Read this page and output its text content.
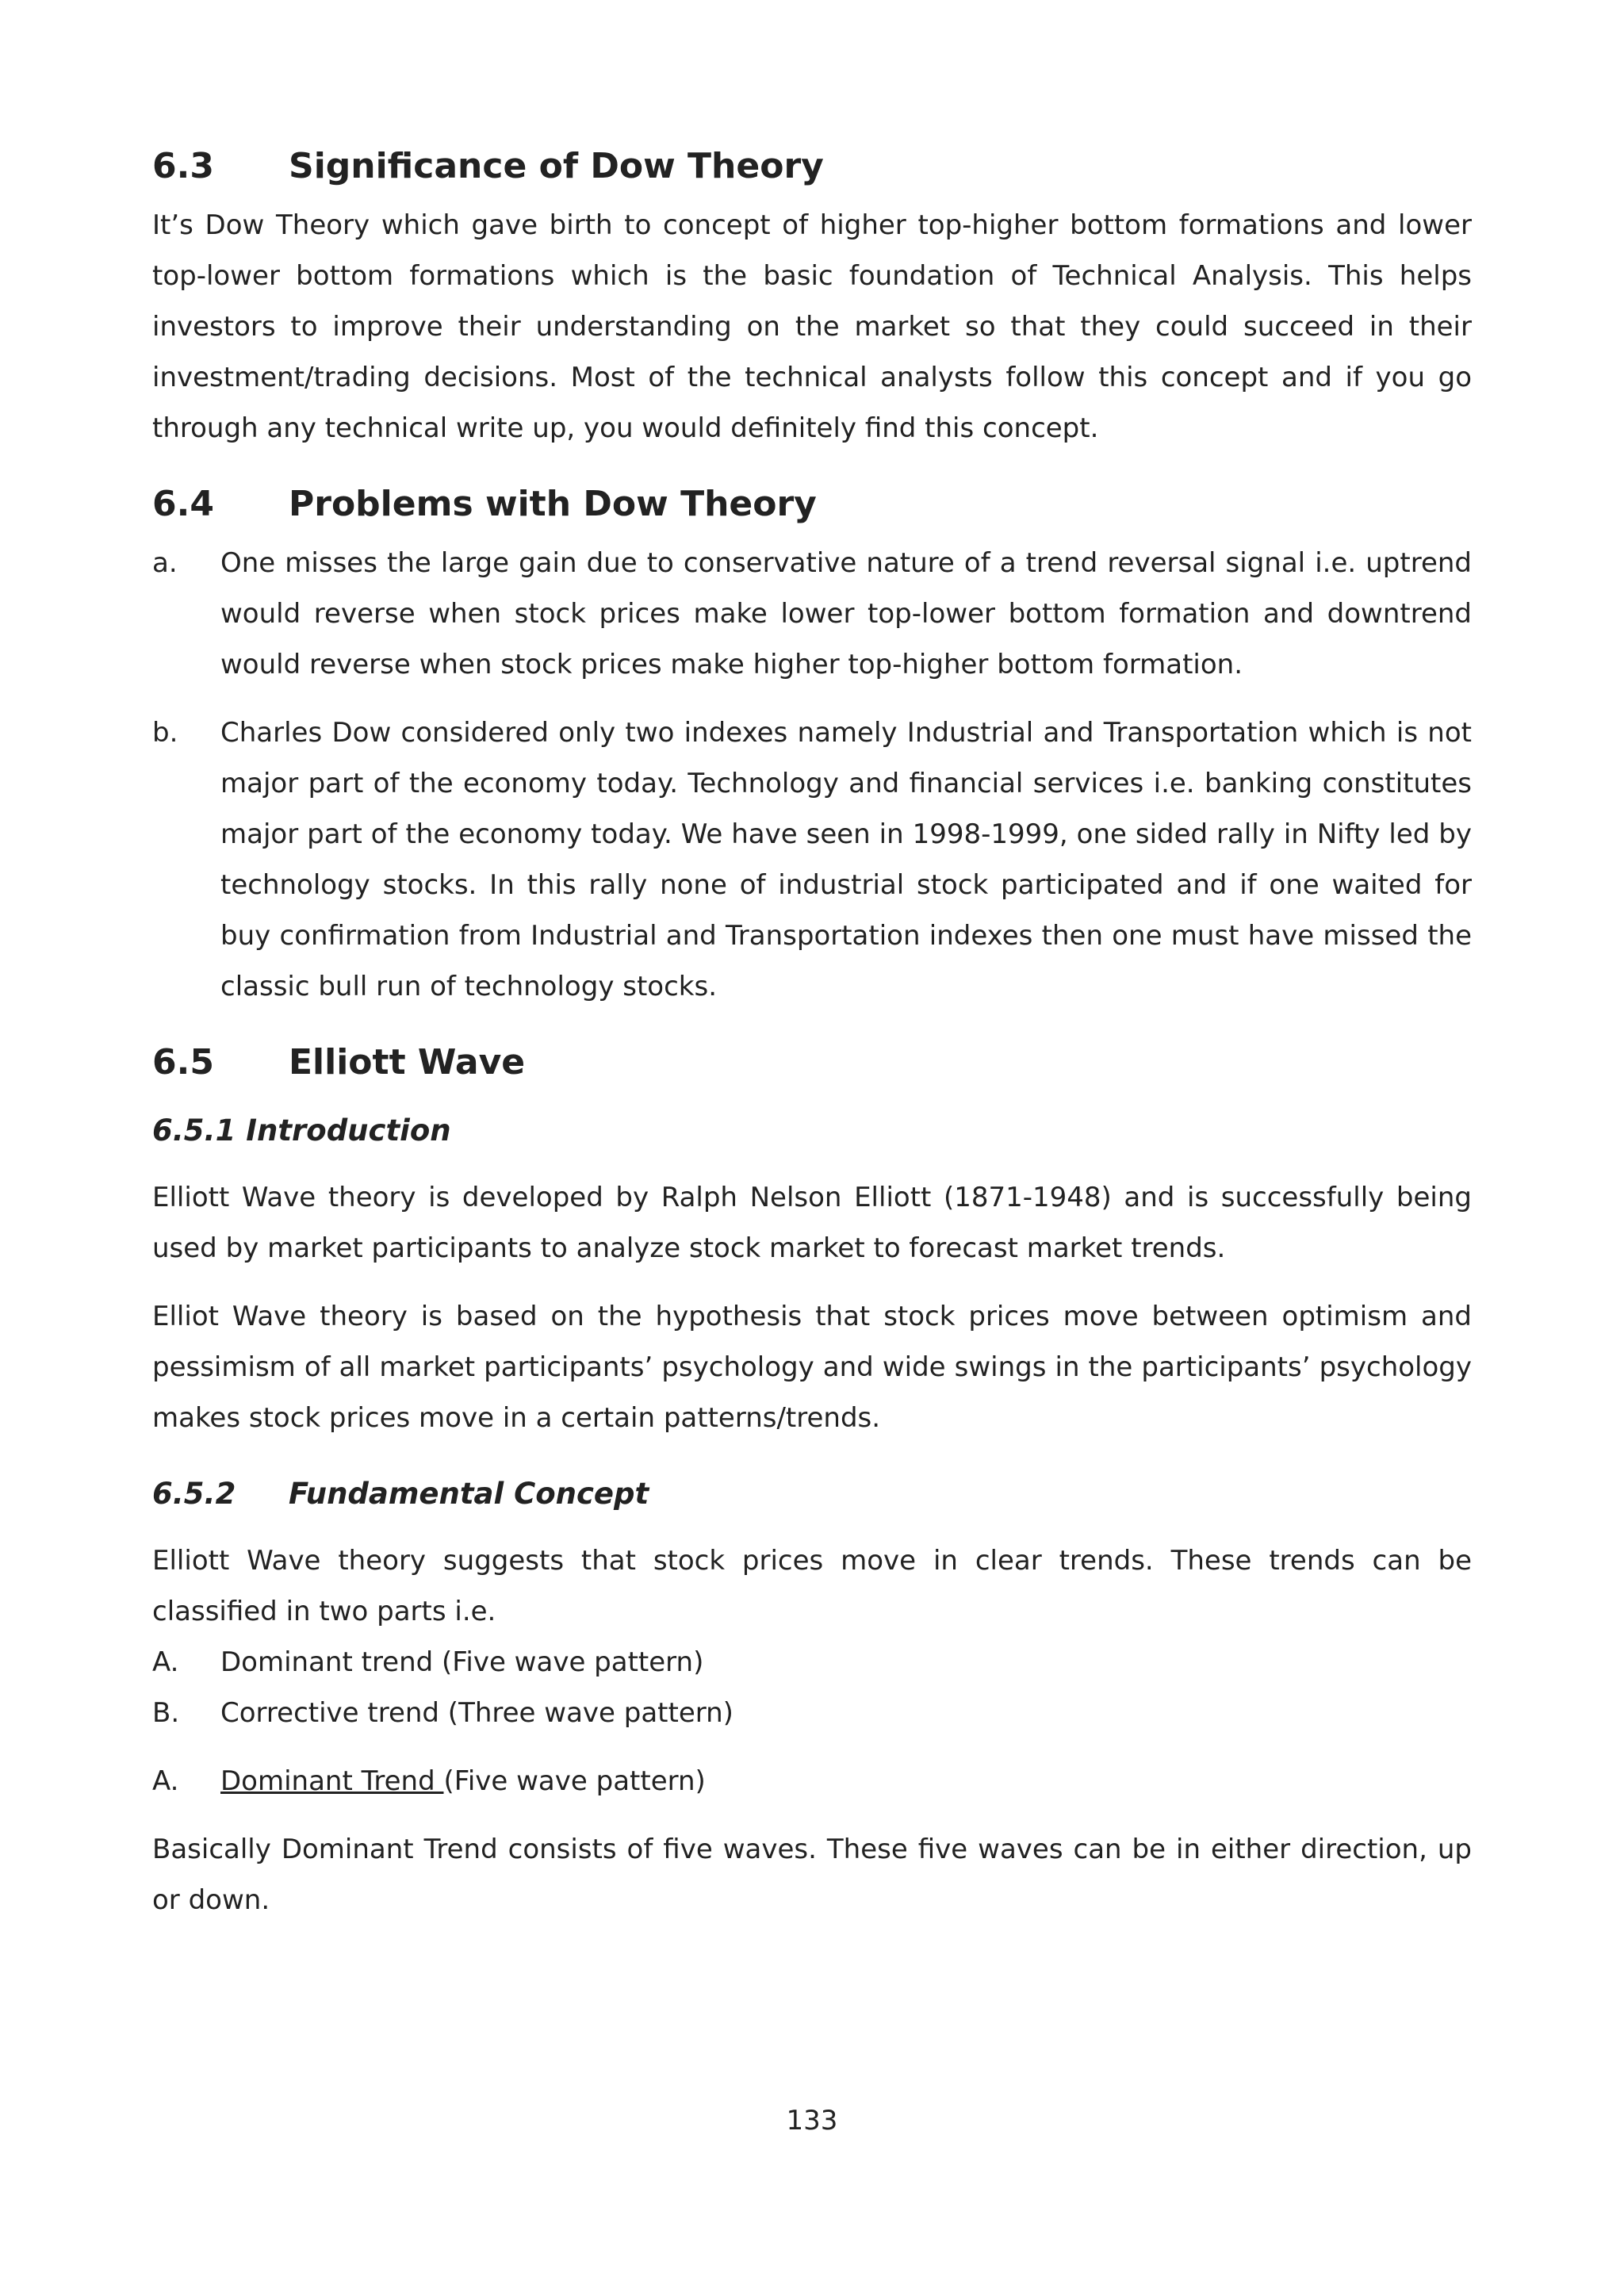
6.3	Significance of Dow Theory

It’s Dow Theory which gave birth to concept of higher top-higher bottom formations and lower top-lower bottom formations which is the basic foundation of Technical Analysis. This helps investors to improve their understanding on the market so that they could succeed in their investment/trading decisions. Most of the technical analysts follow this concept and if you go through any technical write up, you would definitely find this concept.

6.4	Problems with Dow Theory
a.	One misses the large gain due to conservative nature of a trend reversal signal i.e. uptrend would reverse when stock prices make lower top-lower bottom formation and downtrend would reverse when stock prices make higher top-higher bottom formation.
b.	Charles Dow considered only two indexes namely Industrial and Transportation which is not major part of the economy today. Technology and financial services i.e. banking constitutes major part of the economy today. We have seen in 1998-1999, one sided rally in Nifty led by technology stocks. In this rally none of industrial stock participated and if one waited for buy confirmation from Industrial and Transportation indexes then one must have missed the classic bull run of technology stocks.
6.5	Elliott Wave
6.5.1 Introduction

Elliott Wave theory is developed by Ralph Nelson Elliott (1871-1948) and is successfully being used by market participants to analyze stock market to forecast market trends.

Elliot Wave theory is based on the hypothesis that stock prices move between optimism and pessimism of all market participants’ psychology and wide swings in the participants’ psychology makes stock prices move in a certain patterns/trends.

6.5.2	Fundamental Concept

Elliott Wave theory suggests that stock prices move in clear trends. These trends can be classified in two parts i.e.

A.	Dominant trend (Five wave pattern)
B.	Corrective trend (Three wave pattern)
A.	Dominant Trend (Five wave pattern)

Basically Dominant Trend consists of five waves. These five waves can be in either direction, up or down.

133
